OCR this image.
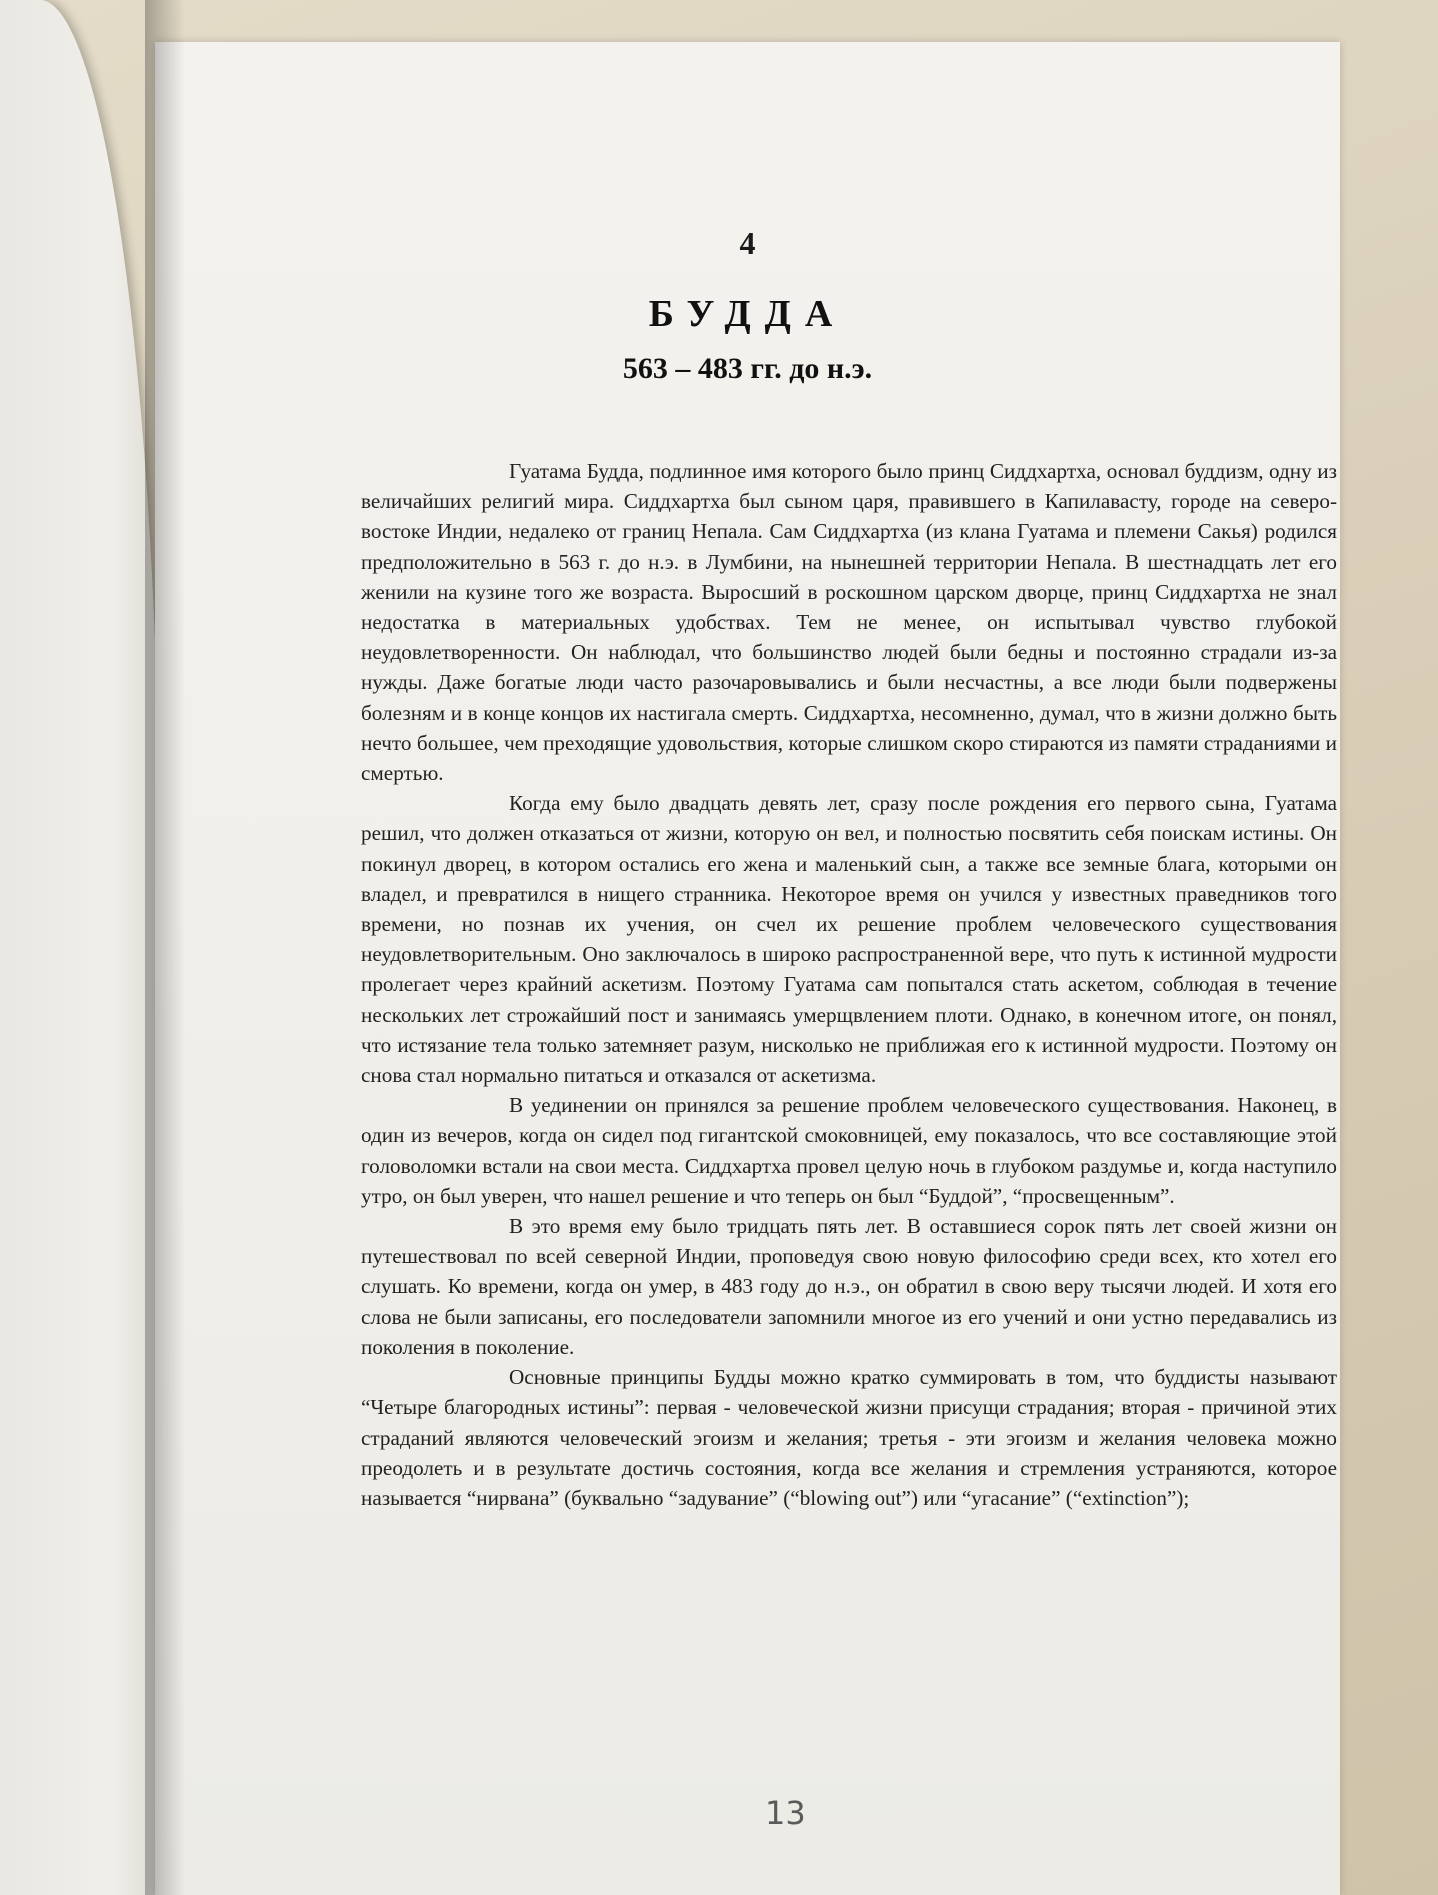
4
БУДДА
563 – 483 гг. до н.э.

Гуатама Будда, подлинное имя которого было принц Сиддхартха, основал буддизм, одну из величайших религий мира. Сиддхартха был сыном царя, правившего в Капилавасту, городе на северо-востоке Индии, недалеко от границ Непала. Сам Сиддхартха (из клана Гуатама и племени Сакья) родился предположительно в 563 г. до н.э. в Лумбини, на нынешней территории Непала. В шестнадцать лет его женили на кузине того же возраста. Выросший в роскошном царском дворце, принц Сиддхартха не знал недостатка в материальных удобствах. Тем не менее, он испытывал чувство глубокой неудовлетворенности. Он наблюдал, что большинство людей были бедны и постоянно страдали из-за нужды. Даже богатые люди часто разочаровывались и были несчастны, а все люди были подвержены болезням и в конце концов их настигала смерть. Сиддхартха, несомненно, думал, что в жизни должно быть нечто большее, чем преходящие удовольствия, которые слишком скоро стираются из памяти страданиями и смертью.

Когда ему было двадцать девять лет, сразу после рождения его первого сына, Гуатама решил, что должен отказаться от жизни, которую он вел, и полностью посвятить себя поискам истины. Он покинул дворец, в котором остались его жена и маленький сын, а также все земные блага, которыми он владел, и превратился в нищего странника. Некоторое время он учился у известных праведников того времени, но познав их учения, он счел их решение проблем человеческого существования неудовлетворительным. Оно заключалось в широко распространенной вере, что путь к истинной мудрости пролегает через крайний аскетизм. Поэтому Гуатама сам попытался стать аскетом, соблюдая в течение нескольких лет строжайший пост и занимаясь умерщвлением плоти. Однако, в конечном итоге, он понял, что истязание тела только затемняет разум, нисколько не приближая его к истинной мудрости. Поэтому он снова стал нормально питаться и отказался от аскетизма.

В уединении он принялся за решение проблем человеческого существования. Наконец, в один из вечеров, когда он сидел под гигантской смоковницей, ему показалось, что все составляющие этой головоломки встали на свои места. Сиддхартха провел целую ночь в глубоком раздумье и, когда наступило утро, он был уверен, что нашел решение и что теперь он был “Буддой”, “просвещенным”.

В это время ему было тридцать пять лет. В оставшиеся сорок пять лет своей жизни он путешествовал по всей северной Индии, проповедуя свою новую философию среди всех, кто хотел его слушать. Ко времени, когда он умер, в 483 году до н.э., он обратил в свою веру тысячи людей. И хотя его слова не были записаны, его последователи запомнили многое из его учений и они устно передавались из поколения в поколение.

Основные принципы Будды можно кратко суммировать в том, что буддисты называют “Четыре благородных истины”: первая - человеческой жизни присущи страдания; вторая - причиной этих страданий являются человеческий эгоизм и желания; третья - эти эгоизм и желания человека можно преодолеть и в результате достичь состояния, когда все желания и стремления устраняются, которое называется “нирвана” (буквально “задувание” (“blowing out”) или “угасание” (“extinction”);

13
